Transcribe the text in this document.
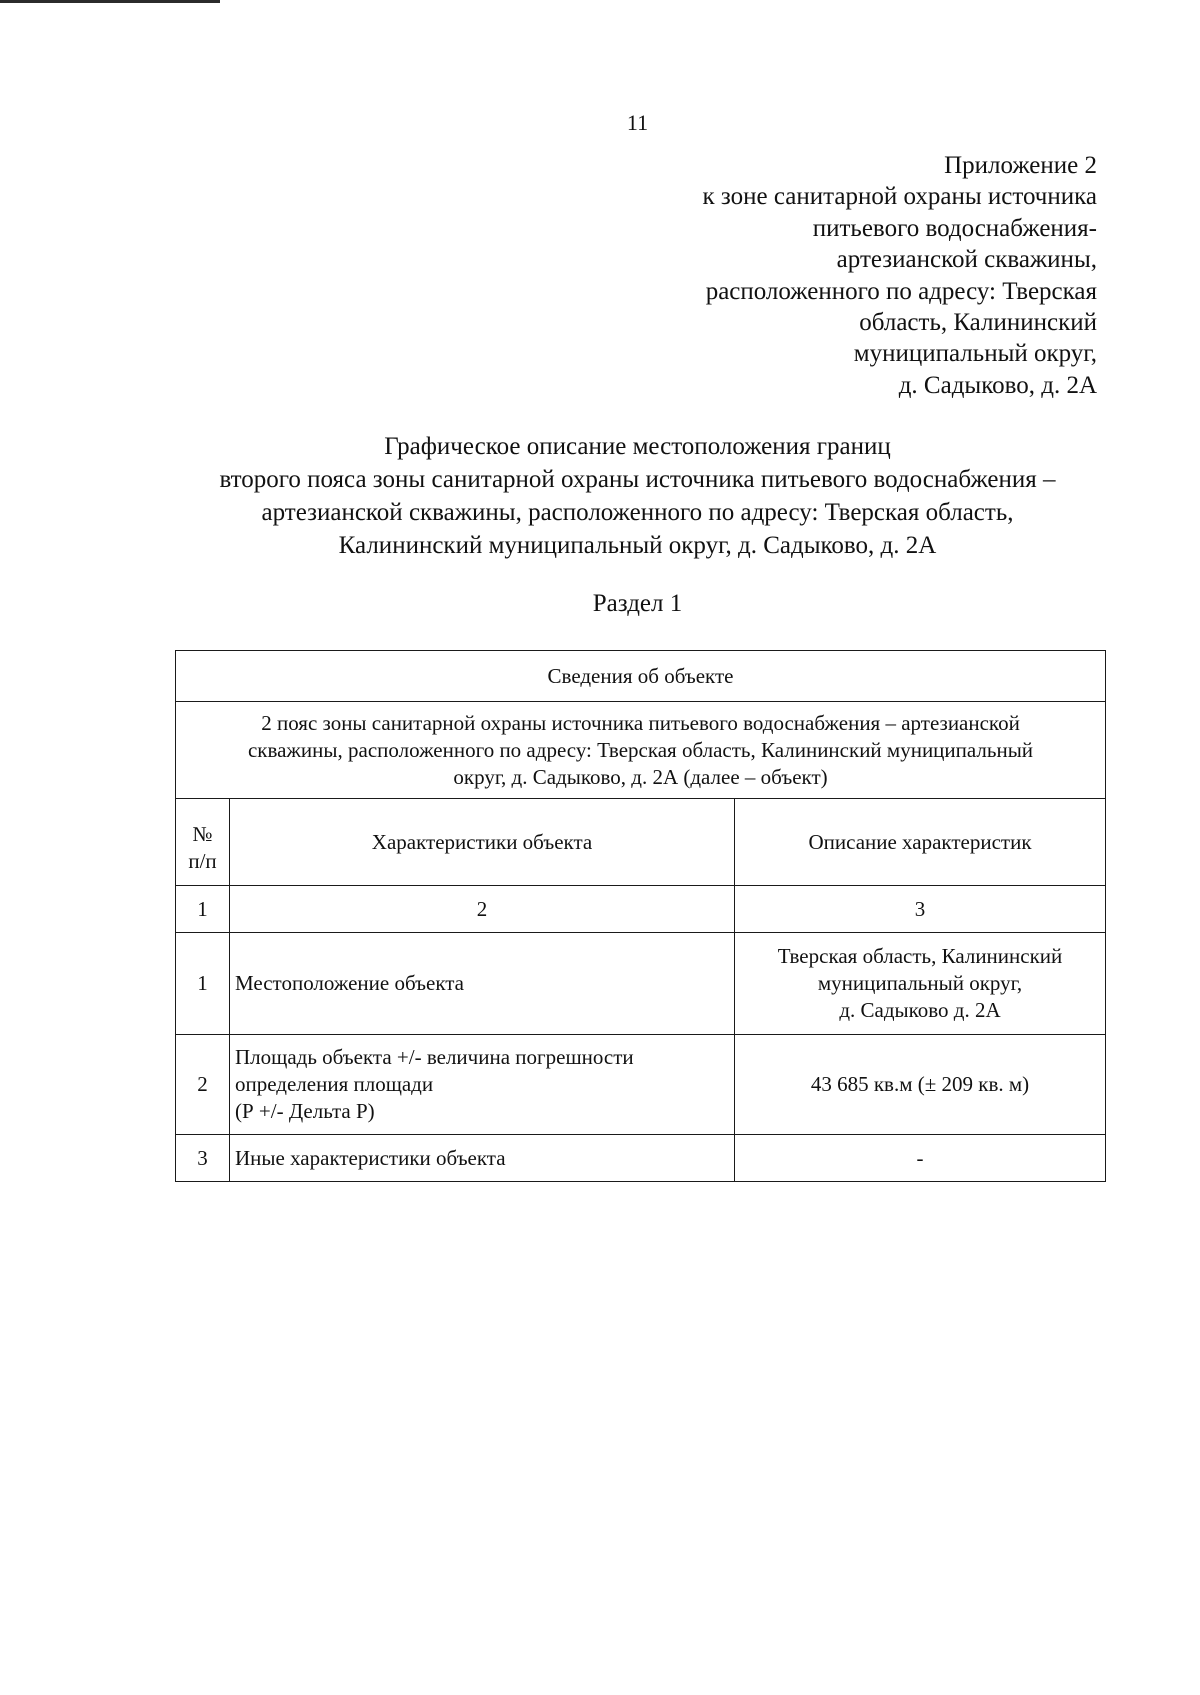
11
Приложение 2
к зоне санитарной охраны источника
питьевого водоснабжения-
артезианской скважины,
расположенного по адресу: Тверская
область, Калининский
муниципальный округ,
д. Садыково, д. 2А
Графическое описание местоположения границ
второго пояса зоны санитарной охраны источника питьевого водоснабжения –
артезианской скважины, расположенного по адресу: Тверская область,
Калининский муниципальный округ, д. Садыково, д. 2А
Раздел 1
Сведения об объекте		

2 пояс зоны санитарной охраны источника питьевого водоснабжения – артезианской
скважины, расположенного по адресу: Тверская область, Калининский муниципальный
округ, д. Садыково, д. 2А (далее – объект)		

№
п/п	Характеристики объекта	Описание характеристик
1	2	3
1	Местоположение объекта	Тверская область, Калининский
муниципальный округ,
д. Садыково д. 2А

2	Площадь объекта +/- величина погрешности
определения площади
(Р +/- Дельта Р)	43 685 кв.м (± 209 кв. м)

3	Иные характеристики объекта	-
